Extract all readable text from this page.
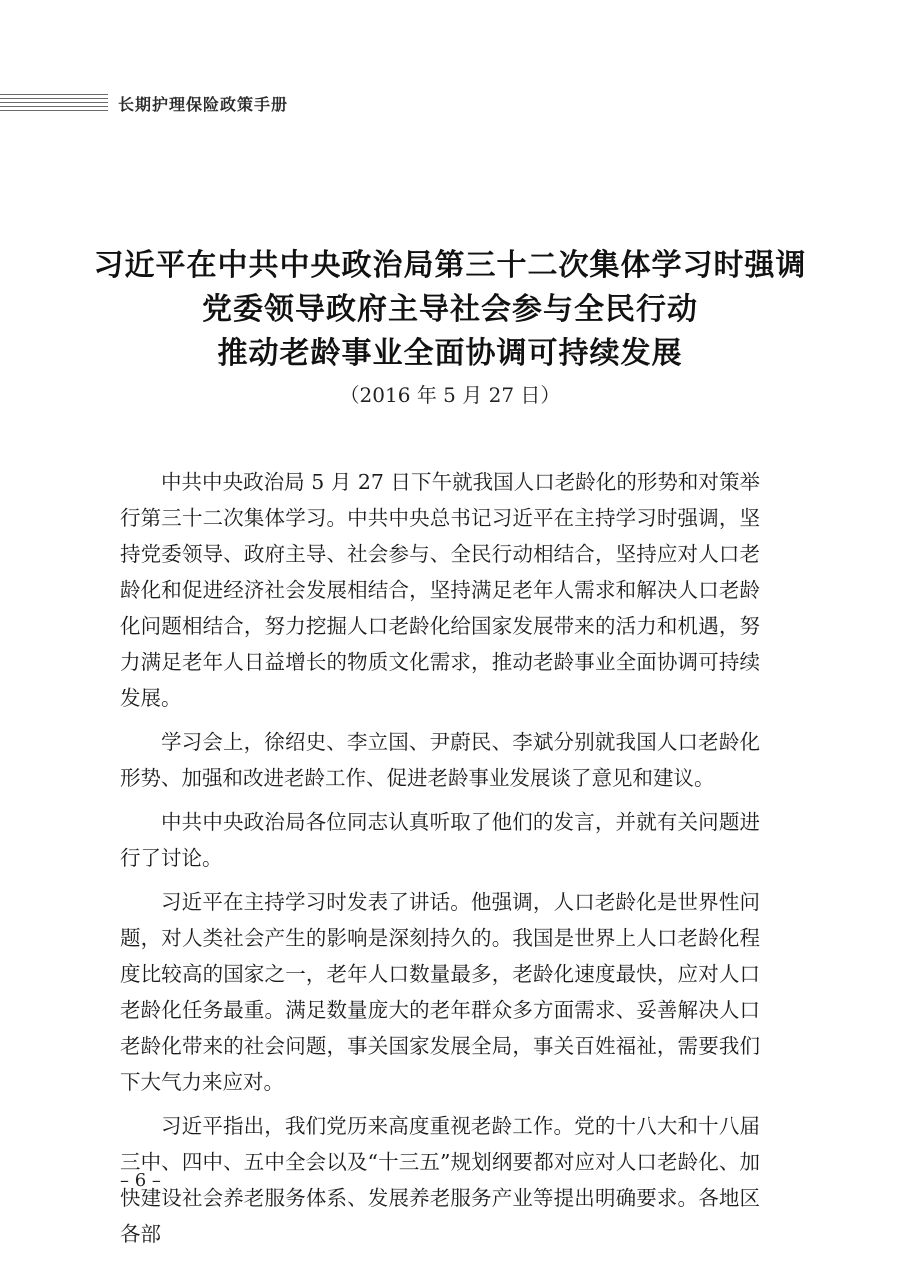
长期护理保险政策手册
习近平在中共中央政治局第三十二次集体学习时强调
党委领导政府主导社会参与全民行动
推动老龄事业全面协调可持续发展
（2016 年 5 月 27 日）

中共中央政治局 5 月 27 日下午就我国人口老龄化的形势和对策举行第三十二次集体学习。中共中央总书记习近平在主持学习时强调，坚持党委领导、政府主导、社会参与、全民行动相结合，坚持应对人口老龄化和促进经济社会发展相结合，坚持满足老年人需求和解决人口老龄化问题相结合，努力挖掘人口老龄化给国家发展带来的活力和机遇，努力满足老年人日益增长的物质文化需求，推动老龄事业全面协调可持续发展。

学习会上，徐绍史、李立国、尹蔚民、李斌分别就我国人口老龄化形势、加强和改进老龄工作、促进老龄事业发展谈了意见和建议。

中共中央政治局各位同志认真听取了他们的发言，并就有关问题进行了讨论。

习近平在主持学习时发表了讲话。他强调，人口老龄化是世界性问题，对人类社会产生的影响是深刻持久的。我国是世界上人口老龄化程度比较高的国家之一，老年人口数量最多，老龄化速度最快，应对人口老龄化任务最重。满足数量庞大的老年群众多方面需求、妥善解决人口老龄化带来的社会问题，事关国家发展全局，事关百姓福祉，需要我们下大气力来应对。

习近平指出，我们党历来高度重视老龄工作。党的十八大和十八届三中、四中、五中全会以及“十三五”规划纲要都对应对人口老龄化、加快建设社会养老服务体系、发展养老服务产业等提出明确要求。各地区各部

– 6 –
